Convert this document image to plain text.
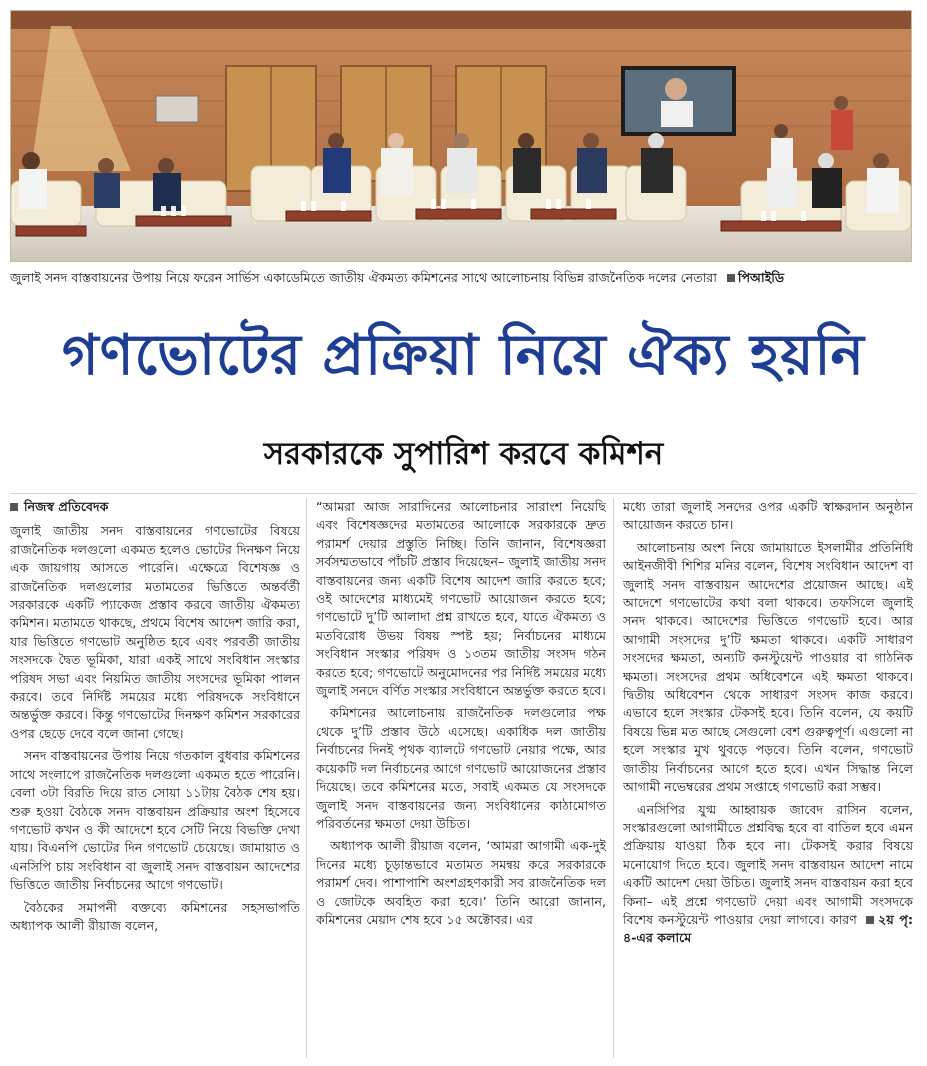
জুলাই সনদ বাস্তবায়নের উপায় নিয়ে ফরেন সার্ভিস একাডেমিতে জাতীয় ঐকমত্য কমিশনের সাথে আলোচনায় বিভিন্ন রাজনৈতিক দলের নেতারা পিআইডি
গণভোটের প্রক্রিয়া নিয়ে ঐক্য হয়নি
সরকারকে সুপারিশ করবে কমিশন
নিজস্ব প্রতিবেদক

জুলাই জাতীয় সনদ বাস্তবায়নের গণভোটের বিষয়ে রাজনৈতিক দলগুলো একমত হলেও ভোটের দিনক্ষণ নিয়ে এক জায়গায় আসতে পারেনি। এক্ষেত্রে বিশেষজ্ঞ ও রাজনৈতিক দলগুলোর মতামতের ভিত্তিতে অন্তর্বর্তী সরকারকে একটি প্যাকেজ প্রস্তাব করবে জাতীয় ঐকমত্য কমিশন। মতামতে থাকছে, প্রথমে বিশেষ আদেশ জারি করা, যার ভিত্তিতে গণভোট অনুষ্ঠিত হবে এবং পরবর্তী জাতীয় সংসদকে দ্বৈত ভূমিকা, যারা একই সাথে সংবিধান সংস্কার পরিষদ সভা এবং নিয়মিত জাতীয় সংসদের ভূমিকা পালন করবে। তবে নির্দিষ্ট সময়ের মধ্যে পরিষদকে সংবিধানে অন্তর্ভুক্ত করবে। কিন্তু গণভোটের দিনক্ষণ কমিশন সরকারের ওপর ছেড়ে দেবে বলে জানা গেছে।

সনদ বাস্তবায়নের উপায় নিয়ে গতকাল বুধবার কমিশনের সাথে সংলাপে রাজনৈতিক দলগুলো একমত হতে পারেনি। বেলা ৩টা বিরতি দিয়ে রাত সোয়া ১১টায় বৈঠক শেষ হয়। শুরু হওয়া বৈঠকে সনদ বাস্তবায়ন প্রক্রিয়ার অংশ হিসেবে গণভোট কখন ও কী আদেশে হবে সেটি নিয়ে বিভক্তি দেখা যায়। বিএনপি ভোটের দিন গণভোট চেয়েছে। জামায়াত ও এনসিপি চায় সংবিধান বা জুলাই সনদ বাস্তবায়ন আদেশের ভিত্তিতে জাতীয় নির্বাচনের আগে গণভোট।

বৈঠকের সমাপনী বক্তব্যে কমিশনের সহসভাপতি অধ্যাপক আলী রীয়াজ বলেন,

“আমরা আজ সারাদিনের আলোচনার সারাংশ নিয়েছি এবং বিশেষজ্ঞদের মতামতের আলোকে সরকারকে দ্রুত পরামর্শ দেয়ার প্রস্তুতি নিচ্ছি। তিনি জানান, বিশেষজ্ঞরা সর্বসম্মতভাবে পাঁচটি প্রস্তাব দিয়েছেন– জুলাই জাতীয় সনদ বাস্তবায়নের জন্য একটি বিশেষ আদেশ জারি করতে হবে; ওই আদেশের মাধ্যমেই গণভোট আয়োজন করতে হবে; গণভোটে দু’টি আলাদা প্রশ্ন রাখতে হবে, যাতে ঐকমত্য ও মতবিরোধ উভয় বিষয় স্পষ্ট হয়; নির্বাচনের মাধ্যমে সংবিধান সংস্কার পরিষদ ও ১৩তম জাতীয় সংসদ গঠন করতে হবে; গণভোটে অনুমোদনের পর নির্দিষ্ট সময়ের মধ্যে জুলাই সনদে বর্ণিত সংস্কার সংবিধানে অন্তর্ভুক্ত করতে হবে।

কমিশনের আলোচনায় রাজনৈতিক দলগুলোর পক্ষ থেকে দু’টি প্রস্তাব উঠে এসেছে। একাধিক দল জাতীয় নির্বাচনের দিনই পৃথক ব্যালটে গণভোট নেয়ার পক্ষে, আর কয়েকটি দল নির্বাচনের আগে গণভোট আয়োজনের প্রস্তাব দিয়েছে। তবে কমিশনের মতে, সবাই একমত যে সংসদকে জুলাই সনদ বাস্তবায়নের জন্য সংবিধানের কাঠামোগত পরিবর্তনের ক্ষমতা দেয়া উচিত।

অধ্যাপক আলী রীয়াজ বলেন, ‘আমরা আগামী এক-দুই দিনের মধ্যে চূড়ান্তভাবে মতামত সমন্বয় করে সরকারকে পরামর্শ দেব। পাশাপাশি অংশগ্রহণকারী সব রাজনৈতিক দল ও জোটকে অবহিত করা হবে।’ তিনি আরো জানান, কমিশনের মেয়াদ শেষ হবে ১৫ অক্টোবর। এর

মধ্যে তারা জুলাই সনদের ওপর একটি স্বাক্ষরদান অনুষ্ঠান আয়োজন করতে চান।

আলোচনায় অংশ নিয়ে জামায়াতে ইসলামীর প্রতিনিধি আইনজীবী শিশির মনির বলেন, বিশেষ সংবিধান আদেশ বা জুলাই সনদ বাস্তবায়ন আদেশের প্রয়োজন আছে। এই আদেশে গণভোটের কথা বলা থাকবে। তফসিলে জুলাই সনদ থাকবে। আদেশের ভিত্তিতে গণভোট হবে। আর আগামী সংসদের দু’টি ক্ষমতা থাকবে। একটি সাধারণ সংসদের ক্ষমতা, অন্যটি কনস্টুয়েন্ট পাওয়ার বা গাঠনিক ক্ষমতা। সংসদের প্রথম অধিবেশনে এই ক্ষমতা থাকবে। দ্বিতীয় অধিবেশন থেকে সাধারণ সংসদ কাজ করবে। এভাবে হলে সংস্কার টেকসই হবে। তিনি বলেন, যে কয়টি বিষয়ে ভিন্ন মত আছে সেগুলো বেশ গুরুত্বপূর্ণ। এগুলো না হলে সংস্কার মুখ থুবড়ে পড়বে। তিনি বলেন, গণভোট জাতীয় নির্বাচনের আগে হতে হবে। এখন সিদ্ধান্ত নিলে আগামী নভেম্বরের প্রথম সপ্তাহে গণভোট করা সম্ভব।

এনসিপির যুগ্ম আহ্বায়ক জাবেদ রাসিন বলেন, সংস্কারগুলো আগামীতে প্রশ্নবিদ্ধ হবে বা বাতিল হবে এমন প্রক্রিয়ায় যাওয়া ঠিক হবে না। টেকসই করার বিষয়ে মনোযোগ দিতে হবে। জুলাই সনদ বাস্তবায়ন আদেশ নামে একটি আদেশ দেয়া উচিত। জুলাই সনদ বাস্তবায়ন করা হবে কিনা– এই প্রশ্নে গণভোট দেয়া এবং আগামী সংসদকে বিশেষ কনস্টুয়েন্ট পাওয়ার দেয়া লাগবে। কারণ ২য় পৃ: ৪-এর কলামে
